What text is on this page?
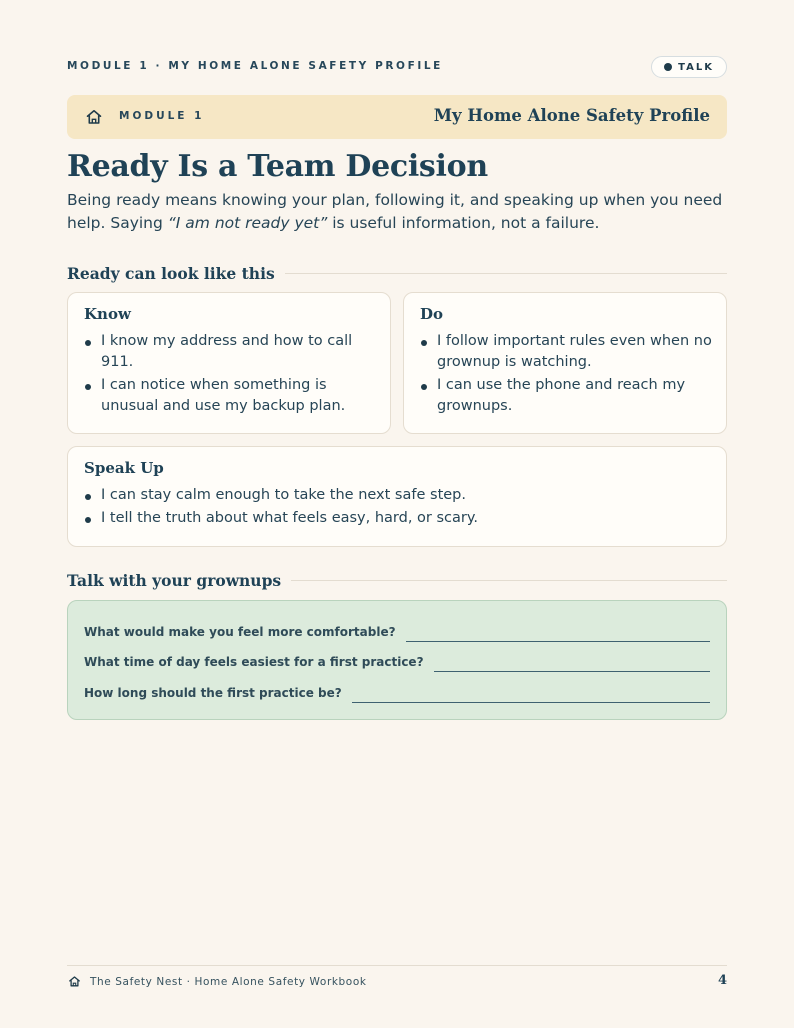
MODULE 1 · MY HOME ALONE SAFETY PROFILE	TALK
MODULE 1	My Home Alone Safety Profile
Ready Is a Team Decision

Being ready means knowing your plan, following it, and speaking up when you need help. Saying “I am not ready yet” is useful information, not a failure.

Ready can look like this
Know
I know my address and how to call 911.
I can notice when something is unusual and use my backup plan.
Do
I follow important rules even when no grownup is watching.
I can use the phone and reach my grownups.
Speak Up
I can stay calm enough to take the next safe step.
I tell the truth about what feels easy, hard, or scary.
Talk with your grownups
What would make you feel more comfortable?
What time of day feels easiest for a first practice?
How long should the first practice be?
The Safety Nest · Home Alone Safety Workbook	4
